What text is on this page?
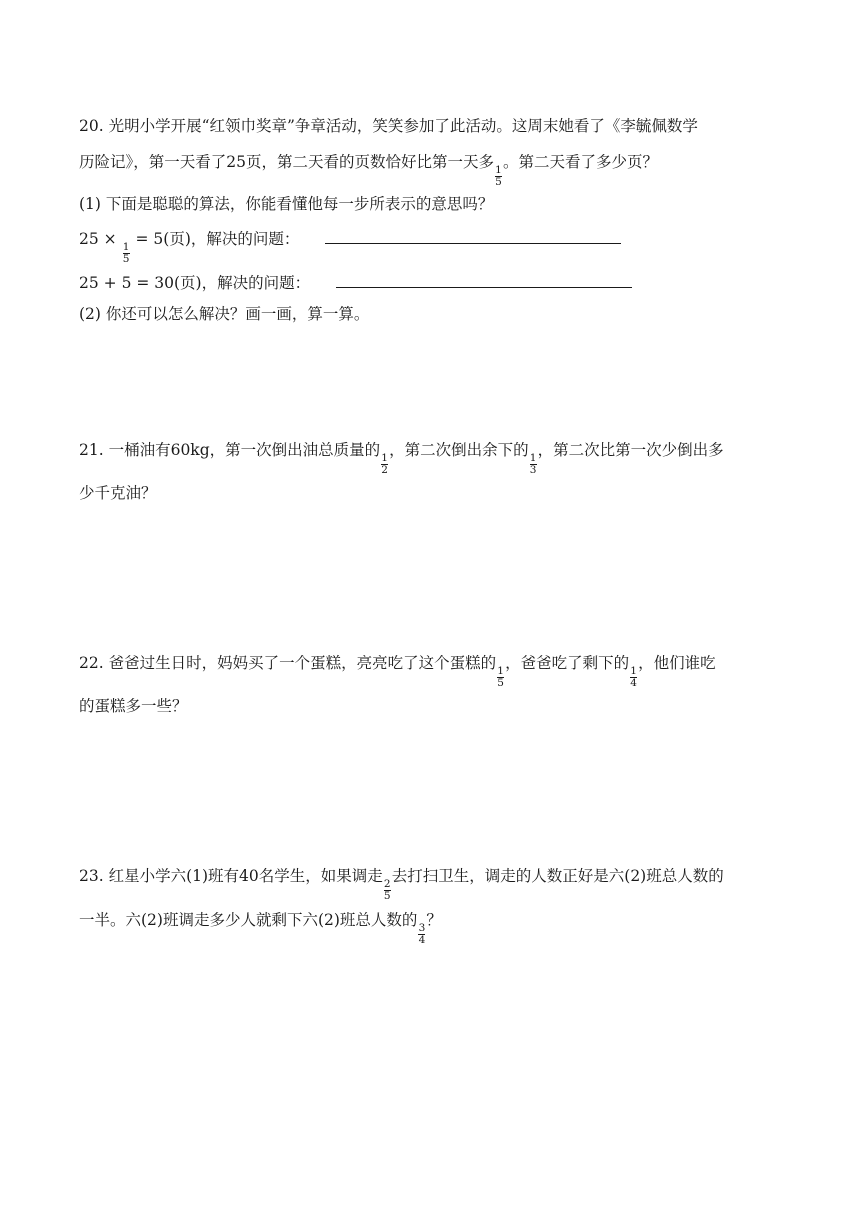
20. 光明小学开展“红领巾奖章”争章活动，笑笑参加了此活动。这周末她看了《李毓佩数学
历险记》，第一天看了25页，第二天看的页数恰好比第一天多
$\frac{1}{5}$
。第二天看了多少页？
(1) 下面是聪聪的算法，你能看懂他每一步所表示的意思吗？
25 ×
$\frac{1}{5}$
= 5(页)，解决的问题：
25 + 5 = 30(页)，解决的问题：
(2) 你还可以怎么解决？画一画，算一算。
21. 一桶油有60kg，第一次倒出油总质量的
$\frac{1}{2}$
，第二次倒出余下的
$\frac{1}{3}$
，第二次比第一次少倒出多
少千克油？
22. 爸爸过生日时，妈妈买了一个蛋糕，亮亮吃了这个蛋糕的
$\frac{1}{5}$
，爸爸吃了剩下的
$\frac{1}{4}$
，他们谁吃
的蛋糕多一些？
23. 红星小学六(1)班有40名学生，如果调走
$\frac{2}{5}$
去打扫卫生，调走的人数正好是六(2)班总人数的
一半。六(2)班调走多少人就剩下六(2)班总人数的
$\frac{3}{4}$
？
